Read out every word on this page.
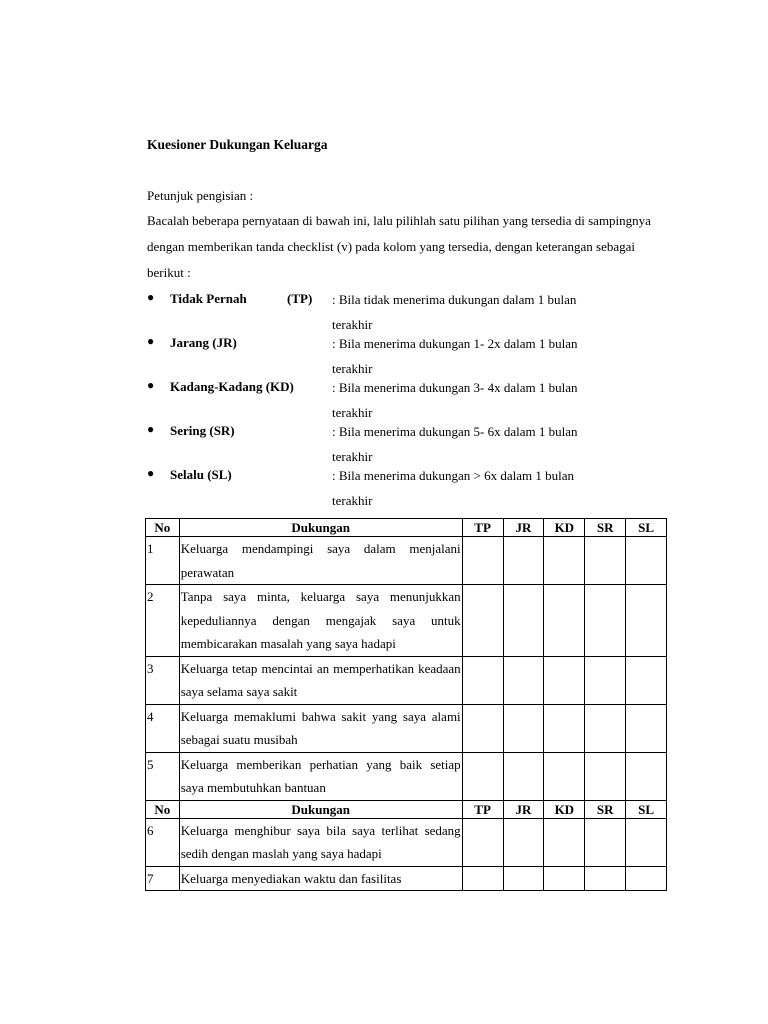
Kuesioner Dukungan Keluarga
Petunjuk pengisian :
Bacalah beberapa pernyataan di bawah ini, lalu pilihlah satu pilihan yang tersedia di sampingnya dengan memberikan tanda checklist (v) pada kolom yang tersedia, dengan keterangan sebagai berikut :
● Tidak Pernah	(TP) : Bila tidak menerima dukungan dalam 1 bulan terakhir
● Jarang (JR)	: Bila menerima dukungan 1- 2x dalam 1 bulan terakhir
● Kadang-Kadang (KD)	: Bila menerima dukungan 3- 4x dalam 1 bulan terakhir
● Sering (SR)	: Bila menerima dukungan 5- 6x dalam 1 bulan terakhir
● Selalu (SL)	: Bila menerima dukungan > 6x dalam 1 bulan terakhir
No	Dukungan	TP	JR	KD	SR	SL
1	Keluarga mendampingi saya dalam menjalani perawatan					
2	Tanpa saya minta, keluarga saya menunjukkan kepeduliannya dengan mengajak saya untuk membicarakan masalah yang saya hadapi					
3	Keluarga tetap mencintai an memperhatikan keadaan saya selama saya sakit					
4	Keluarga memaklumi bahwa sakit yang saya alami sebagai suatu musibah					
5	Keluarga memberikan perhatian yang baik setiap saya membutuhkan bantuan					
No	Dukungan	TP	JR	KD	SR	SL
6	Keluarga menghibur saya bila saya terlihat sedang sedih dengan maslah yang saya hadapi					
7	Keluarga menyediakan waktu dan fasilitas					
